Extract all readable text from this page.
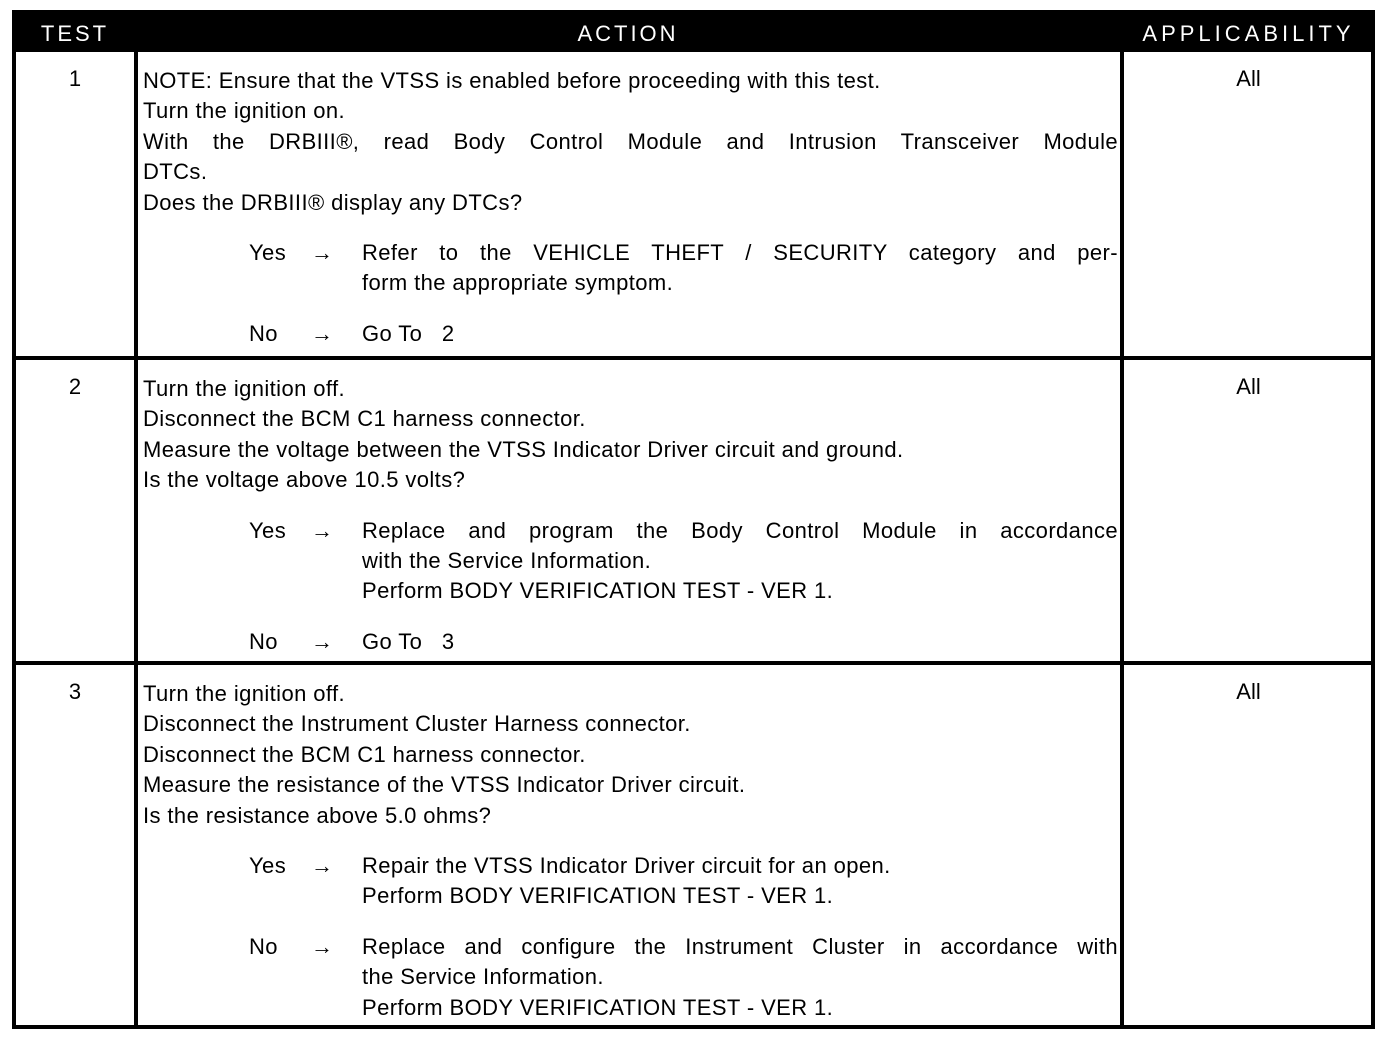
TEST	ACTION	APPLICABILITY
1	NOTE: Ensure that the VTSS is enabled before proceeding with this test.
Turn the ignition on.
With the DRBIII®, read Body Control Module and Intrusion Transceiver Module
DTCs.
Does the DRBIII® display any DTCs?
Yes	→	Refer to the VEHICLE THEFT / SECURITY category and per-
form the appropriate symptom.
No	→	Go To   2
All
2	Turn the ignition off.
Disconnect the BCM C1 harness connector.
Measure the voltage between the VTSS Indicator Driver circuit and ground.
Is the voltage above 10.5 volts?
Yes	→	Replace and program the Body Control Module in accordance
with the Service Information.
Perform BODY VERIFICATION TEST - VER 1.
No	→	Go To   3
All
3	Turn the ignition off.
Disconnect the Instrument Cluster Harness connector.
Disconnect the BCM C1 harness connector.
Measure the resistance of the VTSS Indicator Driver circuit.
Is the resistance above 5.0 ohms?
Yes	→	Repair the VTSS Indicator Driver circuit for an open.
Perform BODY VERIFICATION TEST - VER 1.
No	→	Replace and configure the Instrument Cluster in accordance with
the Service Information.
Perform BODY VERIFICATION TEST - VER 1.
All
